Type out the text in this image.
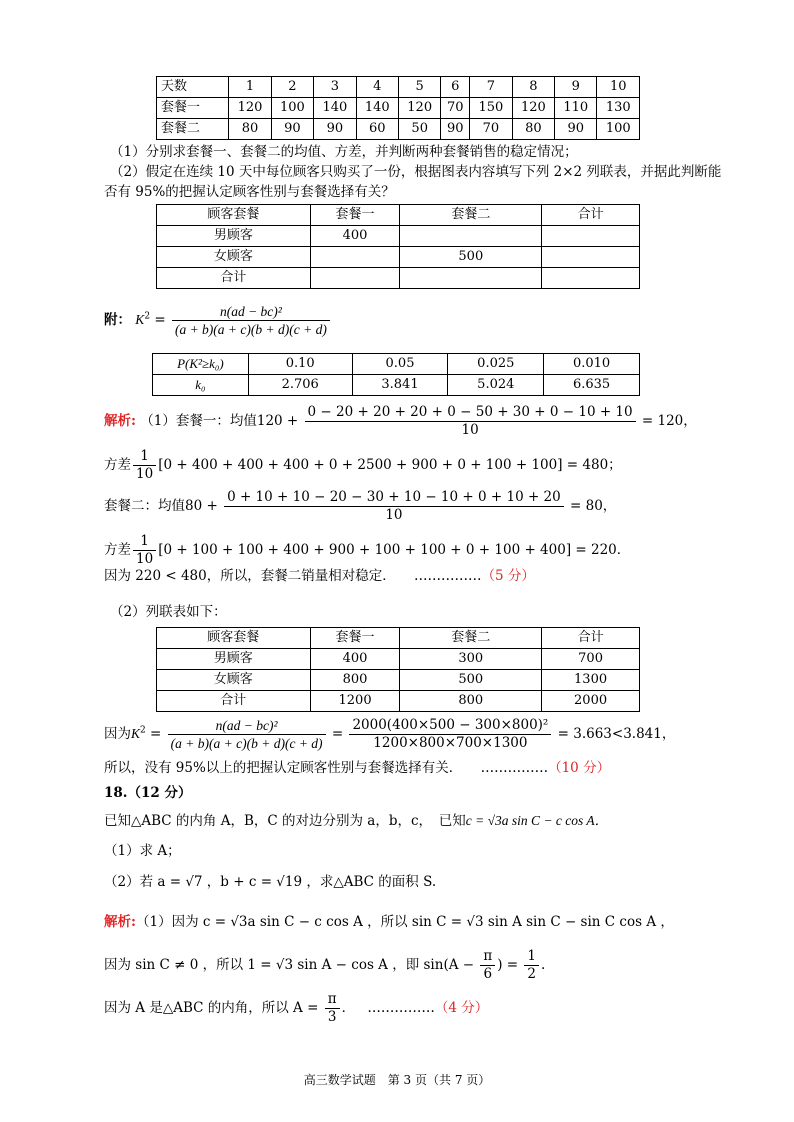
天数	1	2	3	4	5	6	7	8	9	10
套餐一	120	100	140	140	120	70	150	120	110	130
套餐二	80	90	90	60	50	90	70	80	90	100
（1）分别求套餐一、套餐二的均值、方差，并判断两种套餐销售的稳定情况；
（2）假定在连续 10 天中每位顾客只购买了一份，根据图表内容填写下列 2×2 列联表，并据此判断能
否有 95%的把握认定顾客性别与套餐选择有关？
顾客套餐	套餐一	套餐二	合计
男顾客	400		
女顾客		500	
合计			
附： $K^2 = \frac{\text{n(ad − bc)²}}{(a + b)(a + c)(b + d)(c + d)}$
P(K²≥k₀)	0.10	0.05	0.025	0.010
k₀	2.706	3.841	5.024	6.635
解析: （1）套餐一：均值$120 + \frac{0 - 20 + 20 + 20 + 0 - 50 + 30 + 0 - 10 + 10}{10} = 120$，
方差 $\frac{1}{10} [0 + 400 + 400 + 400 + 0 + 2500 + 900 + 0 + 100 + 100] = 480$；
套餐二：均值$80 + \frac{0 + 10 + 10 - 20 - 30 + 10 - 10 + 0 + 10 + 20}{10} = 80$，
方差 $\frac{1}{10} [0 + 100 + 100 + 400 + 900 + 100 + 100 + 0 + 100 + 400] = 220$．
因为 220 < 480，所以，套餐二销量相对稳定． ……………（5 分）
（2）列联表如下：
顾客套餐	套餐一	套餐二	合计
男顾客	400	300	700
女顾客	800	500	1300
合计	1200	800	2000
因为$K^2 = \frac{\text{n(ad − bc)²}}{(a + b)(a + c)(b + d)(c + d)} = \frac{\text{2000(400×500 − 300×800)²}}{1200\times 800\times 700\times 1300} = 3.663<3.841$，
所以，没有 95%以上的把握认定顾客性别与套餐选择有关． ……………（10 分）
18.（12 分）
已知△ABC 的内角 A，B，C 的对边分别为 a，b，c，　已知c = √3a sin C − c cos A．
（1）求 A；
（2）若 a = √7 ，b + c = √19 ，求△ABC 的面积 S.
解析:（1）因为 c = √3a sin C − c cos A ，所以 sin C = √3 sin A sin C − sin C cos A ，
因为 sin C ≠ 0 ，所以 1 = √3 sin A − cos A ，即 $\sin(A - \frac{\pi}{6}$ ) = $\frac{1}{2}$ .
因为 A 是△ABC 的内角，所以 $A = \frac{\pi}{3}$ ． ……………（4 分）
高三数学试题　第 3 页（共 7 页）
